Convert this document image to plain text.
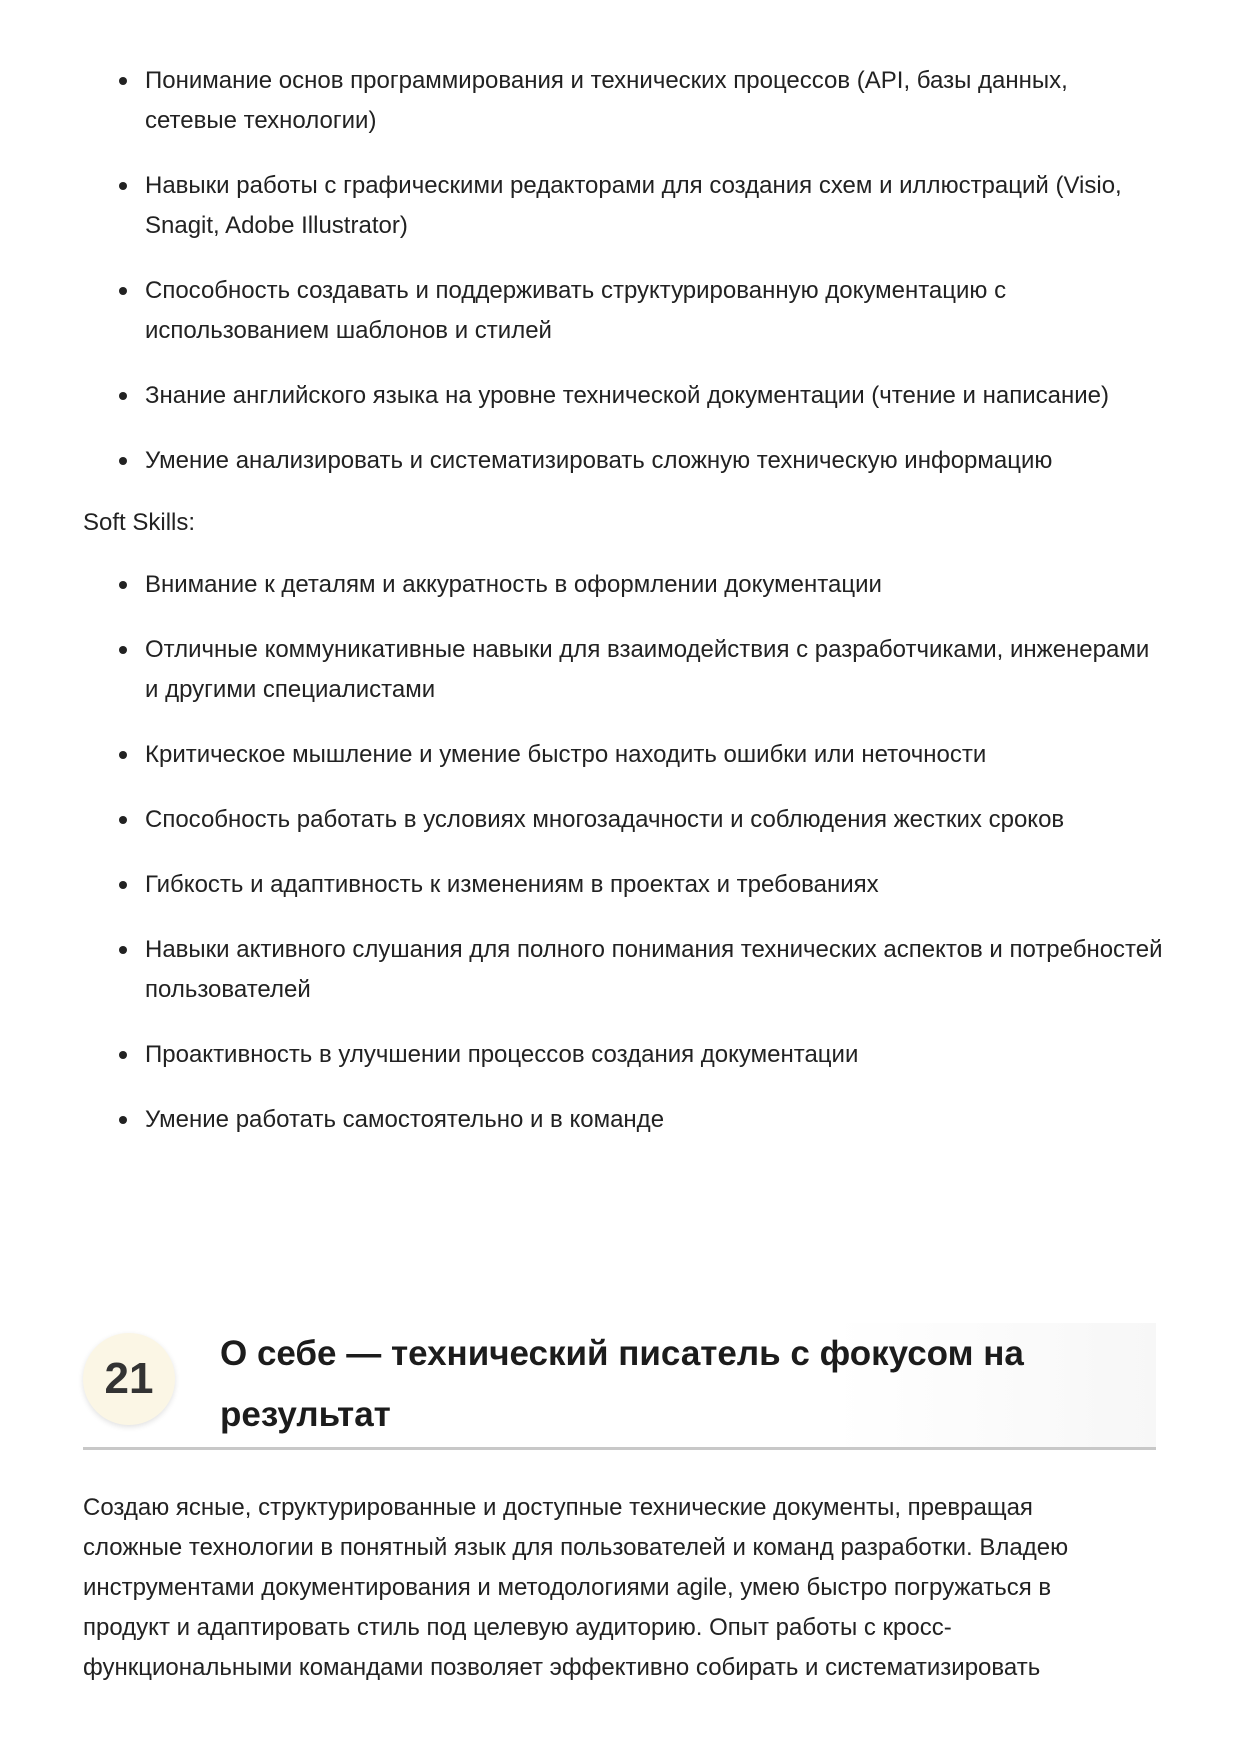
Понимание основ программирования и технических процессов (API, базы данных, сетевые технологии)
Навыки работы с графическими редакторами для создания схем и иллюстраций (Visio, Snagit, Adobe Illustrator)
Способность создавать и поддерживать структурированную документацию с использованием шаблонов и стилей
Знание английского языка на уровне технической документации (чтение и написание)
Умение анализировать и систематизировать сложную техническую информацию
Soft Skills:
Внимание к деталям и аккуратность в оформлении документации
Отличные коммуникативные навыки для взаимодействия с разработчиками, инженерами и другими специалистами
Критическое мышление и умение быстро находить ошибки или неточности
Способность работать в условиях многозадачности и соблюдения жестких сроков
Гибкость и адаптивность к изменениям в проектах и требованиях
Навыки активного слушания для полного понимания технических аспектов и потребностей пользователей
Проактивность в улучшении процессов создания документации
Умение работать самостоятельно и в команде
21
О себе — технический писатель с фокусом на результат

Создаю ясные, структурированные и доступные технические документы, превращая сложные технологии в понятный язык для пользователей и команд разработки. Владею инструментами документирования и методологиями agile, умею быстро погружаться в продукт и адаптировать стиль под целевую аудиторию. Опыт работы с кросс-функциональными командами позволяет эффективно собирать и систематизировать
